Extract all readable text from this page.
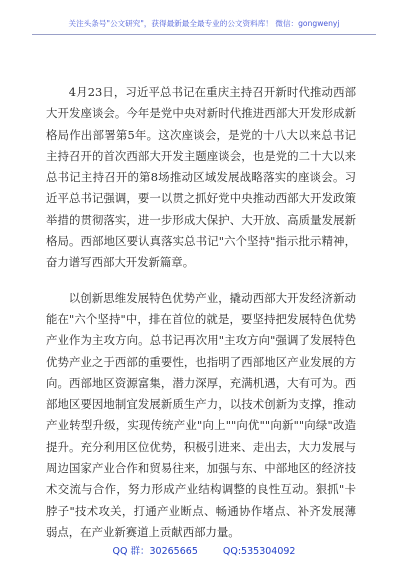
关注头条号"公文研究"，获得最新最全最专业的公文资料库！ 微信：gongwenyj

4月23日，习近平总书记在重庆主持召开新时代推动西部大开发座谈会。今年是党中央对新时代推进西部大开发形成新格局作出部署第5年。这次座谈会，是党的十八大以来总书记主持召开的首次西部大开发主题座谈会，也是党的二十大以来总书记主持召开的第8场推动区域发展战略落实的座谈会。习近平总书记强调，要一以贯之抓好党中央推动西部大开发政策举措的贯彻落实，进一步形成大保护、大开放、高质量发展新格局。西部地区要认真落实总书记"六个坚持"指示批示精神，奋力谱写西部大开发新篇章。

以创新思维发展特色优势产业，撬动西部大开发经济新动能在"六个坚持"中，排在首位的就是，要坚持把发展特色优势产业作为主攻方向。总书记再次用"主攻方向"强调了发展特色优势产业之于西部的重要性，也指明了西部地区产业发展的方向。西部地区资源富集，潜力深厚，充满机遇，大有可为。西部地区要因地制宜发展新质生产力，以技术创新为支撑，推动产业转型升级，实现传统产业"向上""向优""向新""向绿"改造提升。充分利用区位优势，积极引进来、走出去，大力发展与周边国家产业合作和贸易往来，加强与东、中部地区的经济技术交流与合作，努力形成产业结构调整的良性互动。狠抓"卡脖子"技术攻关，打通产业断点、畅通协作堵点、补齐发展薄弱点，在产业新赛道上贡献西部力量。

QQ 群：30265665	QQ:535304092
